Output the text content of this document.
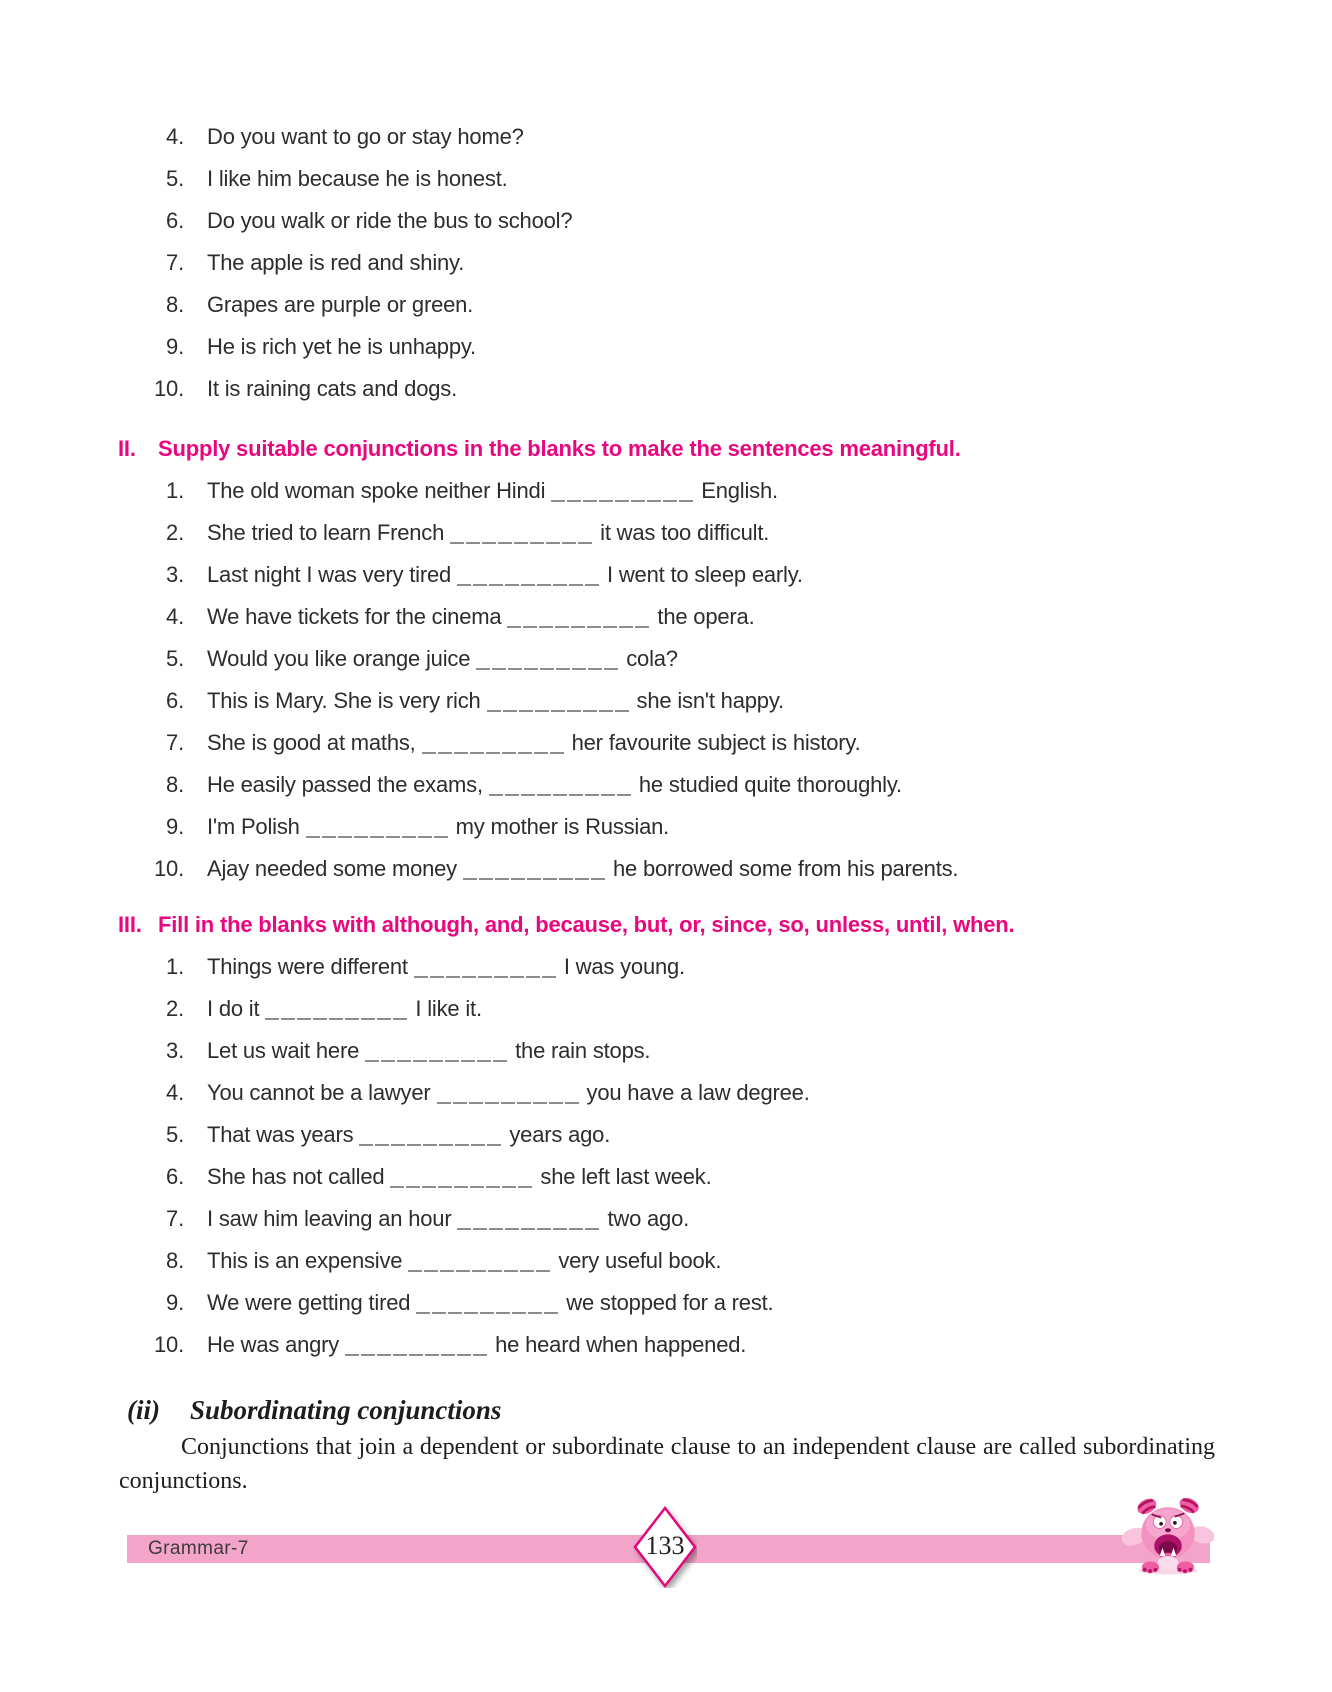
4. Do you want to go or stay home?
5. I like him because he is honest.
6. Do you walk or ride the bus to school?
7. The apple is red and shiny.
8. Grapes are purple or green.
9. He is rich yet he is unhappy.
10. It is raining cats and dogs.
II. Supply suitable conjunctions in the blanks to make the sentences meaningful.
1. The old woman spoke neither Hindi	English.
2. She tried to learn French	it was too difficult.
3. Last night I was very tired	I went to sleep early.
4. We have tickets for the cinema	the opera.
5. Would you like orange juice	cola?
6. This is Mary. She is very rich	she isn't happy.
7. She is good at maths,	her favourite subject is history.
8. He easily passed the exams,	he studied quite thoroughly.
9. I'm Polish	my mother is Russian.
10. Ajay needed some money	he borrowed some from his parents.
III. Fill in the blanks with although, and, because, but, or, since, so, unless, until, when.
1. Things were different	I was young.
2. I do it	I like it.
3. Let us wait here	the rain stops.
4. You cannot be a lawyer	you have a law degree.
5. That was years	years ago.
6. She has not called	she left last week.
7. I saw him leaving an hour	two ago.
8. This is an expensive	very useful book.
9. We were getting tired	we stopped for a rest.
10. He was angry	he heard when happened.
(ii) Subordinating conjunctions
Conjunctions that join a dependent or subordinate clause to an independent clause are called subordinating conjunctions.
Grammar-7	133
